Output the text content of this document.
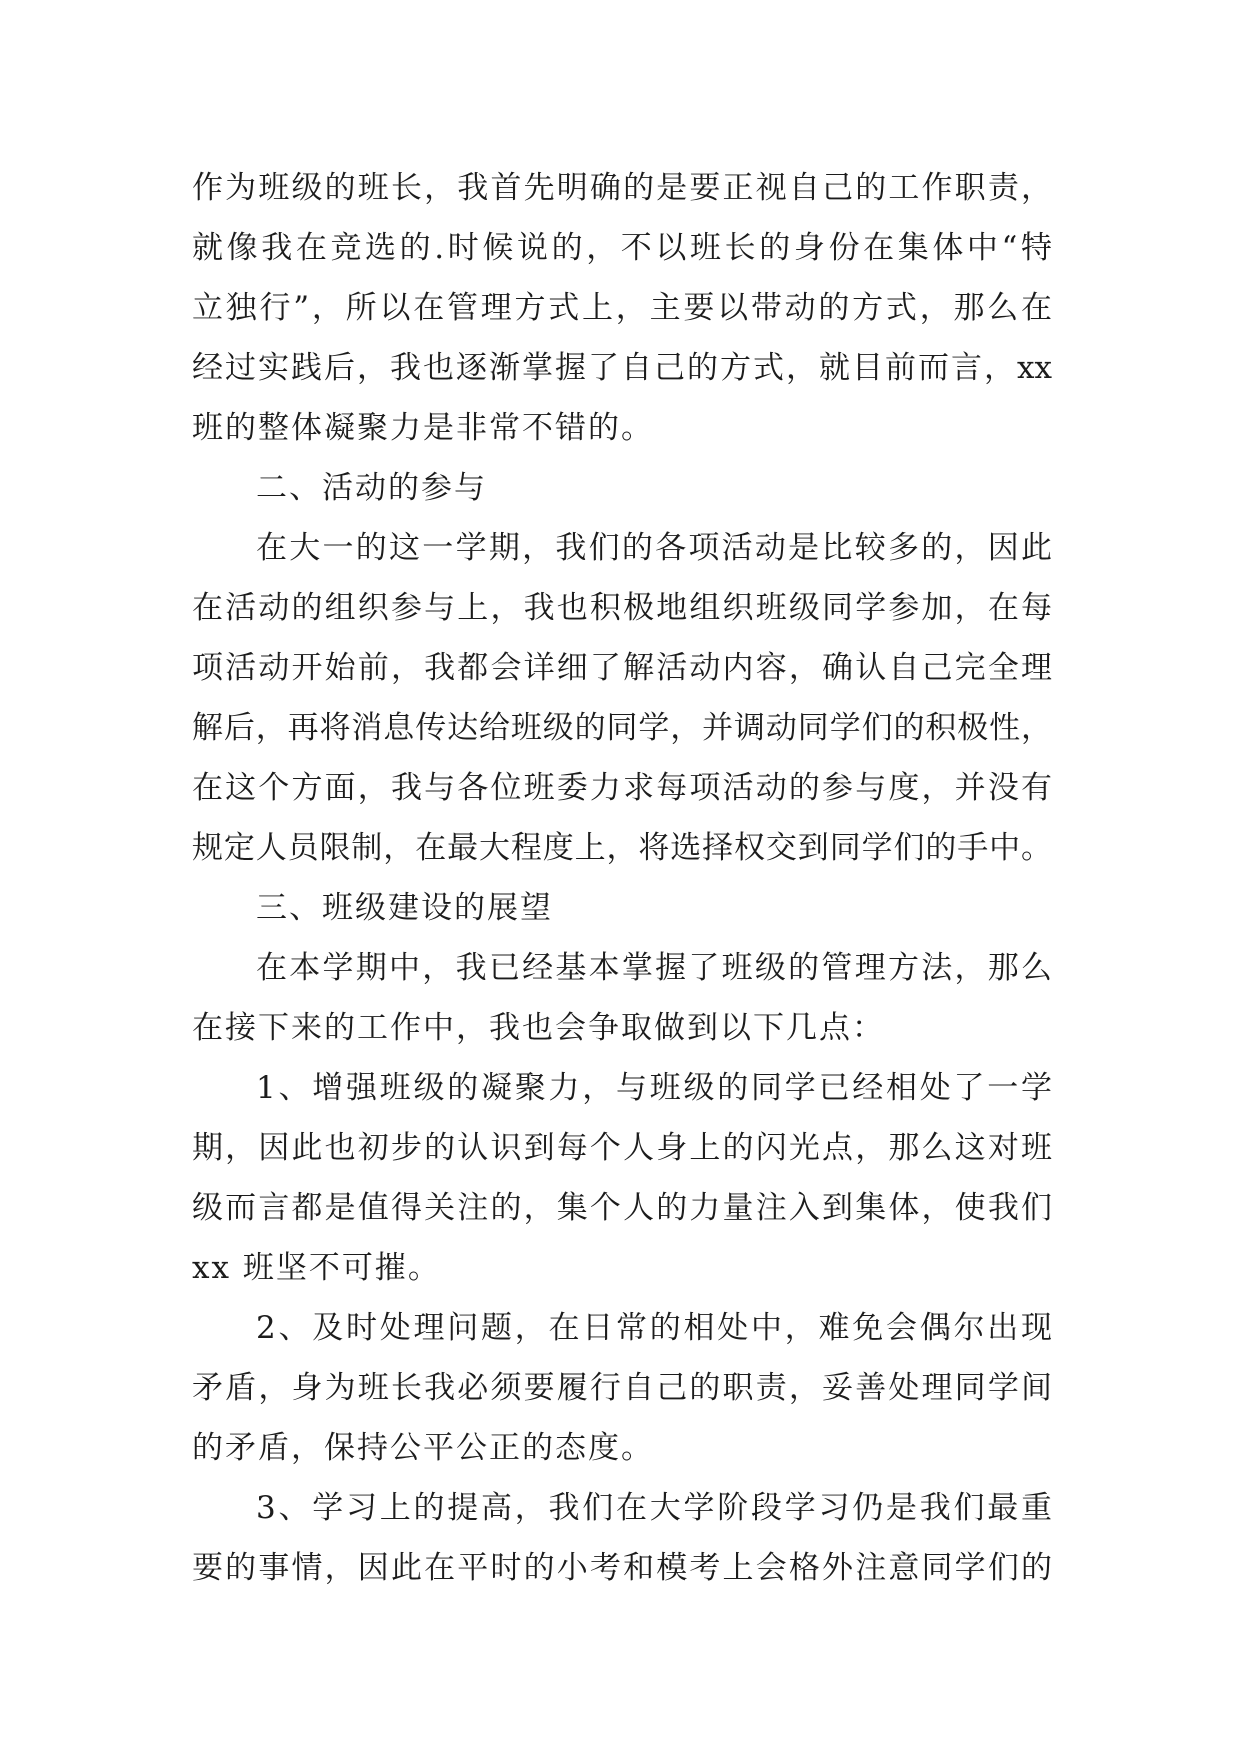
作为班级的班长，我首先明确的是要正视自己的工作职责，
就像我在竞选的.时候说的，不以班长的身份在集体中“特
立独行”，所以在管理方式上，主要以带动的方式，那么在
经过实践后，我也逐渐掌握了自己的方式，就目前而言，xx
班的整体凝聚力是非常不错的。
二、活动的参与
在大一的这一学期，我们的各项活动是比较多的，因此
在活动的组织参与上，我也积极地组织班级同学参加，在每
项活动开始前，我都会详细了解活动内容，确认自己完全理
解后，再将消息传达给班级的同学，并调动同学们的积极性，
在这个方面，我与各位班委力求每项活动的参与度，并没有
规定人员限制，在最大程度上，将选择权交到同学们的手中。
三、班级建设的展望
在本学期中，我已经基本掌握了班级的管理方法，那么
在接下来的工作中，我也会争取做到以下几点：
1、增强班级的凝聚力，与班级的同学已经相处了一学
期，因此也初步的认识到每个人身上的闪光点，那么这对班
级而言都是值得关注的，集个人的力量注入到集体，使我们
xx 班坚不可摧。
2、及时处理问题，在日常的相处中，难免会偶尔出现
矛盾，身为班长我必须要履行自己的职责，妥善处理同学间
的矛盾，保持公平公正的态度。
3、学习上的提高，我们在大学阶段学习仍是我们最重
要的事情，因此在平时的小考和模考上会格外注意同学们的
